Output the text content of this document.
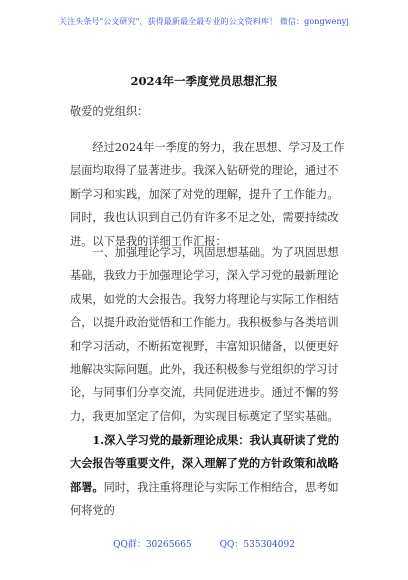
关注头条号"公文研究"，获得最新最全最专业的公文资料库！ 微信：gongwenyj
2024年一季度党员思想汇报
敬爱的党组织：
经过2024年一季度的努力，我在思想、学习及工作层面均取得了显著进步。我深入钻研党的理论，通过不断学习和实践，加深了对党的理解，提升了工作能力。同时，我也认识到自己仍有许多不足之处，需要持续改进。以下是我的详细工作汇报：
一、加强理论学习，巩固思想基础。为了巩固思想基础，我致力于加强理论学习，深入学习党的最新理论成果，如党的大会报告。我努力将理论与实际工作相结合，以提升政治觉悟和工作能力。我积极参与各类培训和学习活动，不断拓宽视野，丰富知识储备，以便更好地解决实际问题。此外，我还积极参与党组织的学习讨论，与同事们分享交流，共同促进进步。通过不懈的努力，我更加坚定了信仰，为实现目标奠定了坚实基础。
1.深入学习党的最新理论成果：我认真研读了党的大会报告等重要文件，深入理解了党的方针政策和战略部署。同时，我注重将理论与实际工作相结合，思考如何将党的
QQ群：30265665	QQ：535304092
